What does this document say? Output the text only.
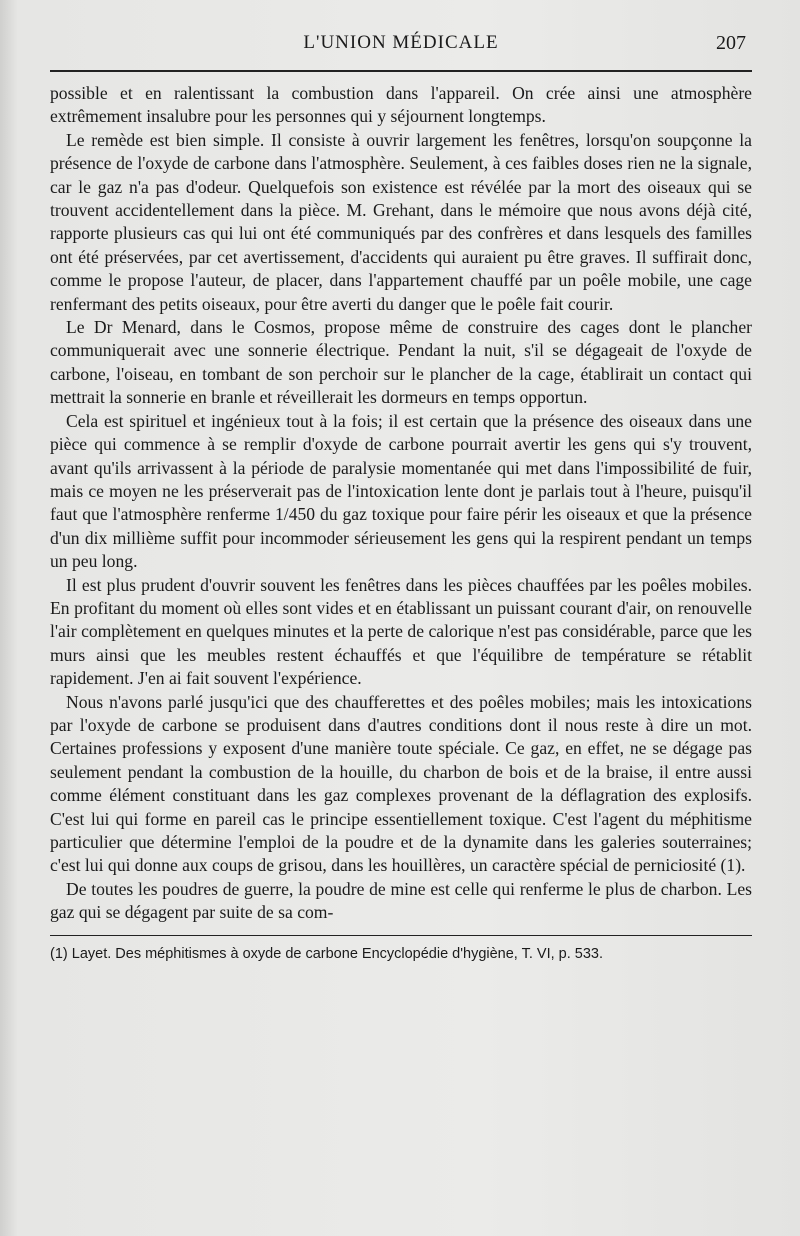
L'UNION MÉDICALE	207

possible et en ralentissant la combustion dans l'appareil. On crée ainsi une atmosphère extrêmement insalubre pour les personnes qui y séjournent longtemps.

Le remède est bien simple. Il consiste à ouvrir largement les fenêtres, lorsqu'on soupçonne la présence de l'oxyde de carbone dans l'atmosphère. Seulement, à ces faibles doses rien ne la signale, car le gaz n'a pas d'odeur. Quelquefois son existence est révélée par la mort des oiseaux qui se trouvent accidentellement dans la pièce. M. Grehant, dans le mémoire que nous avons déjà cité, rapporte plusieurs cas qui lui ont été communiqués par des confrères et dans lesquels des familles ont été préservées, par cet avertissement, d'accidents qui auraient pu être graves. Il suffirait donc, comme le propose l'auteur, de placer, dans l'appartement chauffé par un poêle mobile, une cage renfermant des petits oiseaux, pour être averti du danger que le poêle fait courir.

Le Dr Menard, dans le Cosmos, propose même de construire des cages dont le plancher communiquerait avec une sonnerie électrique. Pendant la nuit, s'il se dégageait de l'oxyde de carbone, l'oiseau, en tombant de son perchoir sur le plancher de la cage, établirait un contact qui mettrait la sonnerie en branle et réveillerait les dormeurs en temps opportun.

Cela est spirituel et ingénieux tout à la fois; il est certain que la présence des oiseaux dans une pièce qui commence à se remplir d'oxyde de carbone pourrait avertir les gens qui s'y trouvent, avant qu'ils arrivassent à la période de paralysie momentanée qui met dans l'impossibilité de fuir, mais ce moyen ne les préserverait pas de l'intoxication lente dont je parlais tout à l'heure, puisqu'il faut que l'atmosphère renferme 1/450 du gaz toxique pour faire périr les oiseaux et que la présence d'un dix millième suffit pour incommoder sérieusement les gens qui la respirent pendant un temps un peu long.

Il est plus prudent d'ouvrir souvent les fenêtres dans les pièces chauffées par les poêles mobiles. En profitant du moment où elles sont vides et en établissant un puissant courant d'air, on renouvelle l'air complètement en quelques minutes et la perte de calorique n'est pas considérable, parce que les murs ainsi que les meubles restent échauffés et que l'équilibre de température se rétablit rapidement. J'en ai fait souvent l'expérience.

Nous n'avons parlé jusqu'ici que des chaufferettes et des poêles mobiles; mais les intoxications par l'oxyde de carbone se produisent dans d'autres conditions dont il nous reste à dire un mot. Certaines professions y exposent d'une manière toute spéciale. Ce gaz, en effet, ne se dégage pas seulement pendant la combustion de la houille, du charbon de bois et de la braise, il entre aussi comme élément constituant dans les gaz complexes provenant de la déflagration des explosifs. C'est lui qui forme en pareil cas le principe essentiellement toxique. C'est l'agent du méphitisme particulier que détermine l'emploi de la poudre et de la dynamite dans les galeries souterraines; c'est lui qui donne aux coups de grisou, dans les houillères, un caractère spécial de perniciosité (1).

De toutes les poudres de guerre, la poudre de mine est celle qui renferme le plus de charbon. Les gaz qui se dégagent par suite de sa com-

(1) Layet. Des méphitismes à oxyde de carbone Encyclopédie d'hygiène, T. VI, p. 533.
